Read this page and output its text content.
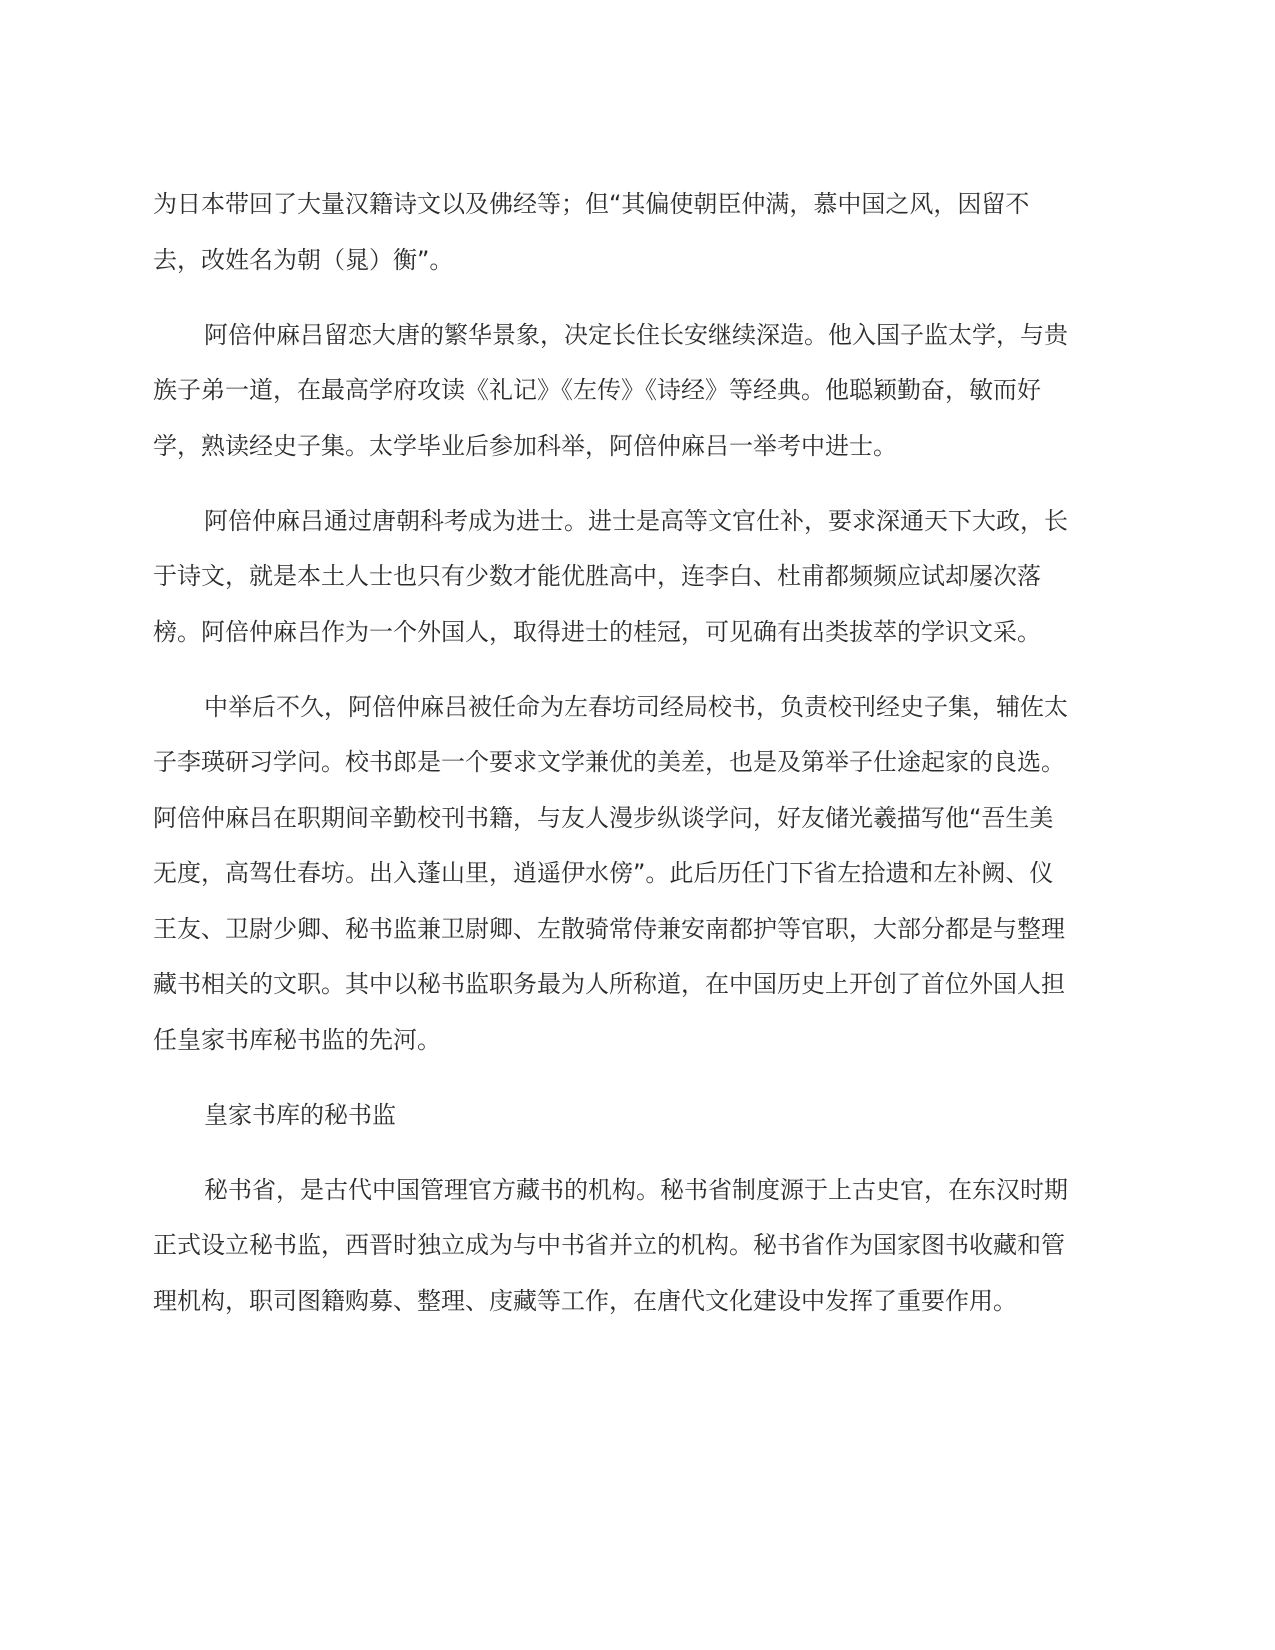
为日本带回了大量汉籍诗文以及佛经等；但“其偏使朝臣仲满，慕中国之风，因留不

去，改姓名为朝（晁）衡”。

阿倍仲麻吕留恋大唐的繁华景象，决定长住长安继续深造。他入国子监太学，与贵

族子弟一道，在最高学府攻读《礼记》《左传》《诗经》等经典。他聪颖勤奋，敏而好

学，熟读经史子集。太学毕业后参加科举，阿倍仲麻吕一举考中进士。

阿倍仲麻吕通过唐朝科考成为进士。进士是高等文官仕补，要求深通天下大政，长

于诗文，就是本土人士也只有少数才能优胜高中，连李白、杜甫都频频应试却屡次落

榜。阿倍仲麻吕作为一个外国人，取得进士的桂冠，可见确有出类拔萃的学识文采。

中举后不久，阿倍仲麻吕被任命为左春坊司经局校书，负责校刊经史子集，辅佐太

子李瑛研习学问。校书郎是一个要求文学兼优的美差，也是及第举子仕途起家的良选。

阿倍仲麻吕在职期间辛勤校刊书籍，与友人漫步纵谈学问，好友储光羲描写他“吾生美

无度，高驾仕春坊。出入蓬山里，逍遥伊水傍”。此后历任门下省左拾遗和左补阙、仪

王友、卫尉少卿、秘书监兼卫尉卿、左散骑常侍兼安南都护等官职，大部分都是与整理

藏书相关的文职。其中以秘书监职务最为人所称道，在中国历史上开创了首位外国人担

任皇家书库秘书监的先河。

皇家书库的秘书监

秘书省，是古代中国管理官方藏书的机构。秘书省制度源于上古史官，在东汉时期

正式设立秘书监，西晋时独立成为与中书省并立的机构。秘书省作为国家图书收藏和管

理机构，职司图籍购募、整理、庋藏等工作，在唐代文化建设中发挥了重要作用。
